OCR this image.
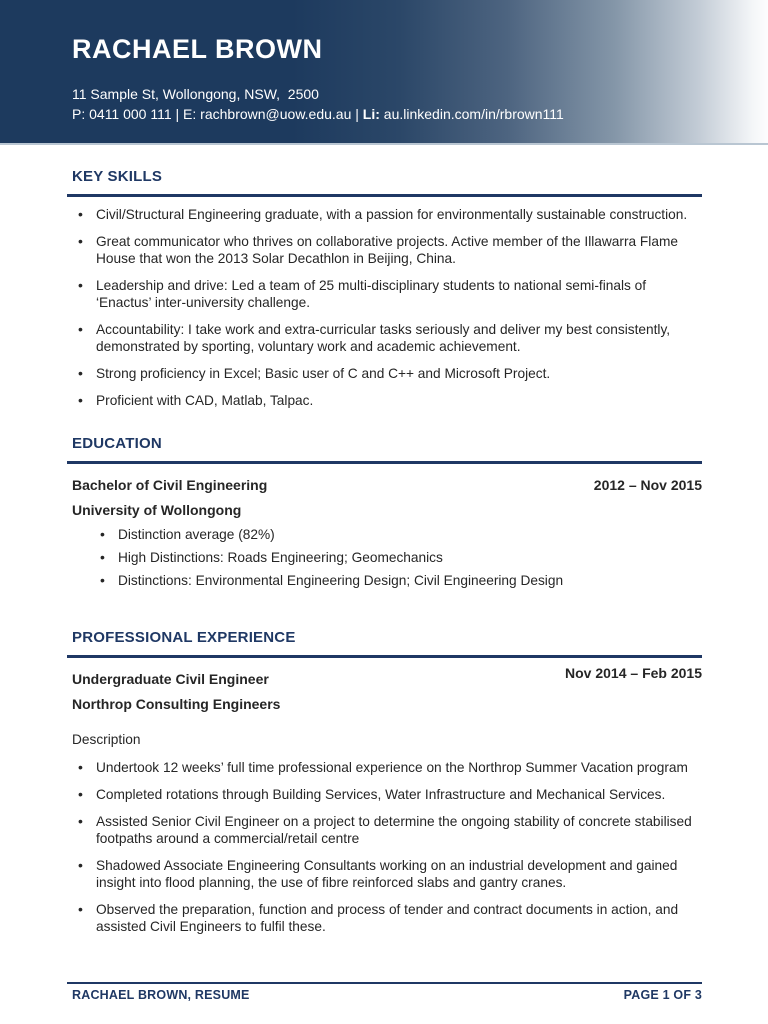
RACHAEL BROWN

11 Sample St, Wollongong, NSW,  2500

P: 0411 000 111 | E: rachbrown@uow.edu.au | Li: au.linkedin.com/in/rbrown111

KEY SKILLS
• Civil/Structural Engineering graduate, with a passion for environmentally sustainable construction.
• Great communicator who thrives on collaborative projects. Active member of the Illawarra Flame House that won the 2013 Solar Decathlon in Beijing, China.
• Leadership and drive: Led a team of 25 multi-disciplinary students to national semi-finals of ‘Enactus’ inter-university challenge.
• Accountability: I take work and extra-curricular tasks seriously and deliver my best consistently, demonstrated by sporting, voluntary work and academic achievement.
• Strong proficiency in Excel; Basic user of C and C++ and Microsoft Project.
• Proficient with CAD, Matlab, Talpac.
EDUCATION
Bachelor of Civil Engineering	2012 – Nov 2015
University of Wollongong
• Distinction average (82%)
• High Distinctions: Roads Engineering; Geomechanics
• Distinctions: Environmental Engineering Design; Civil Engineering Design
PROFESSIONAL EXPERIENCE
Undergraduate Civil Engineer	Nov 2014 – Feb 2015
Northrop Consulting Engineers

Description

• Undertook 12 weeks’ full time professional experience on the Northrop Summer Vacation program
• Completed rotations through Building Services, Water Infrastructure and Mechanical Services.
• Assisted Senior Civil Engineer on a project to determine the ongoing stability of concrete stabilised footpaths around a commercial/retail centre
• Shadowed Associate Engineering Consultants working on an industrial development and gained insight into flood planning, the use of fibre reinforced slabs and gantry cranes.
• Observed the preparation, function and process of tender and contract documents in action, and assisted Civil Engineers to fulfil these.
RACHAEL BROWN, RESUME	PAGE 1 OF 3
